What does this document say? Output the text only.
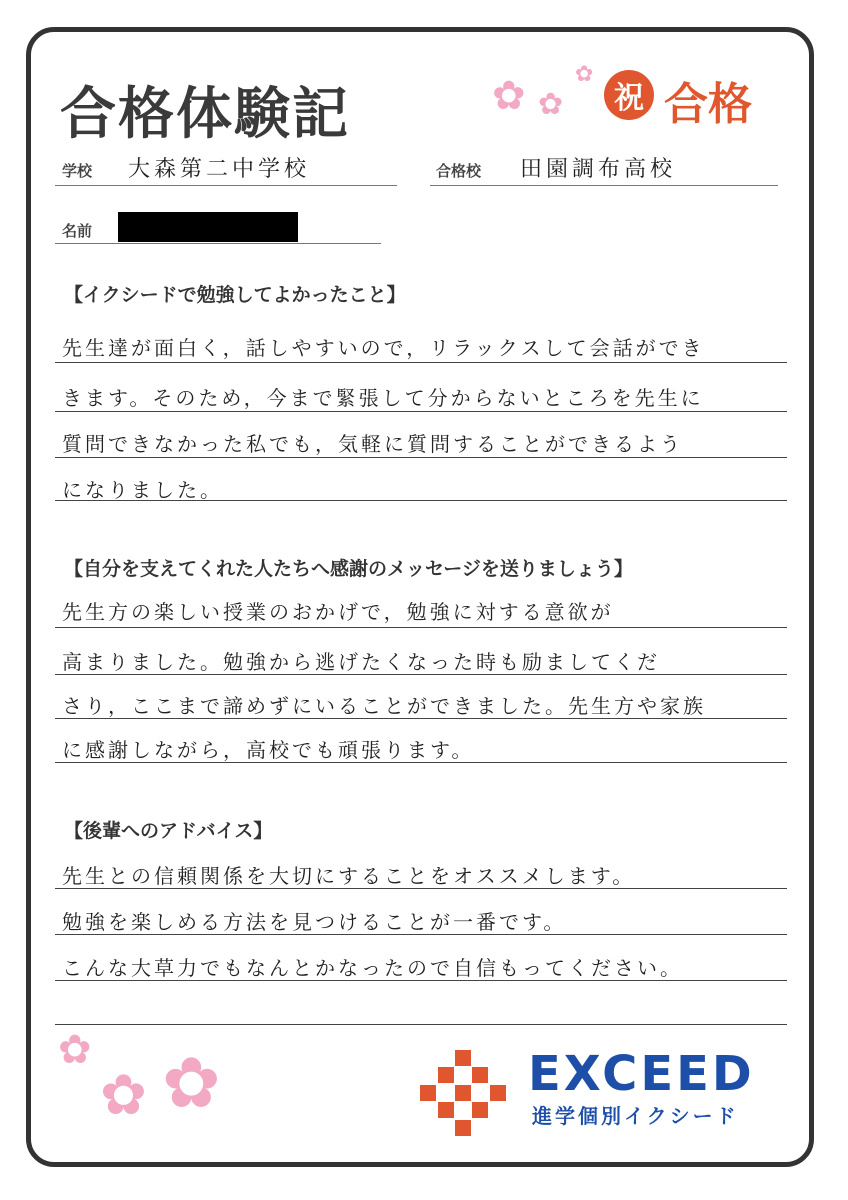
合格体験記	✿ ✿
✿
祝 合格
学校 大森第二中学校	合格校 田園調布高校
名前
【イクシードで勉強してよかったこと】
先生達が面白く，話しやすいので，リラックスして会話ができ
きます。そのため，今まで緊張して分からないところを先生に
質問できなかった私でも，気軽に質問することができるよう
になりました。
【自分を支えてくれた人たちへ感謝のメッセージを送りましょう】
先生方の楽しい授業のおかげで，勉強に対する意欲が
高まりました。勉強から逃げたくなった時も励ましてくだ
さり，ここまで諦めずにいることができました。先生方や家族
に感謝しながら，高校でも頑張ります。
【後輩へのアドバイス】
先生との信頼関係を大切にすることをオススメします。
勉強を楽しめる方法を見つけることが一番です。
こんな大草力でもなんとかなったので自信もってください。
✿
✿ ✿	EXCEED
進学個別イクシード
